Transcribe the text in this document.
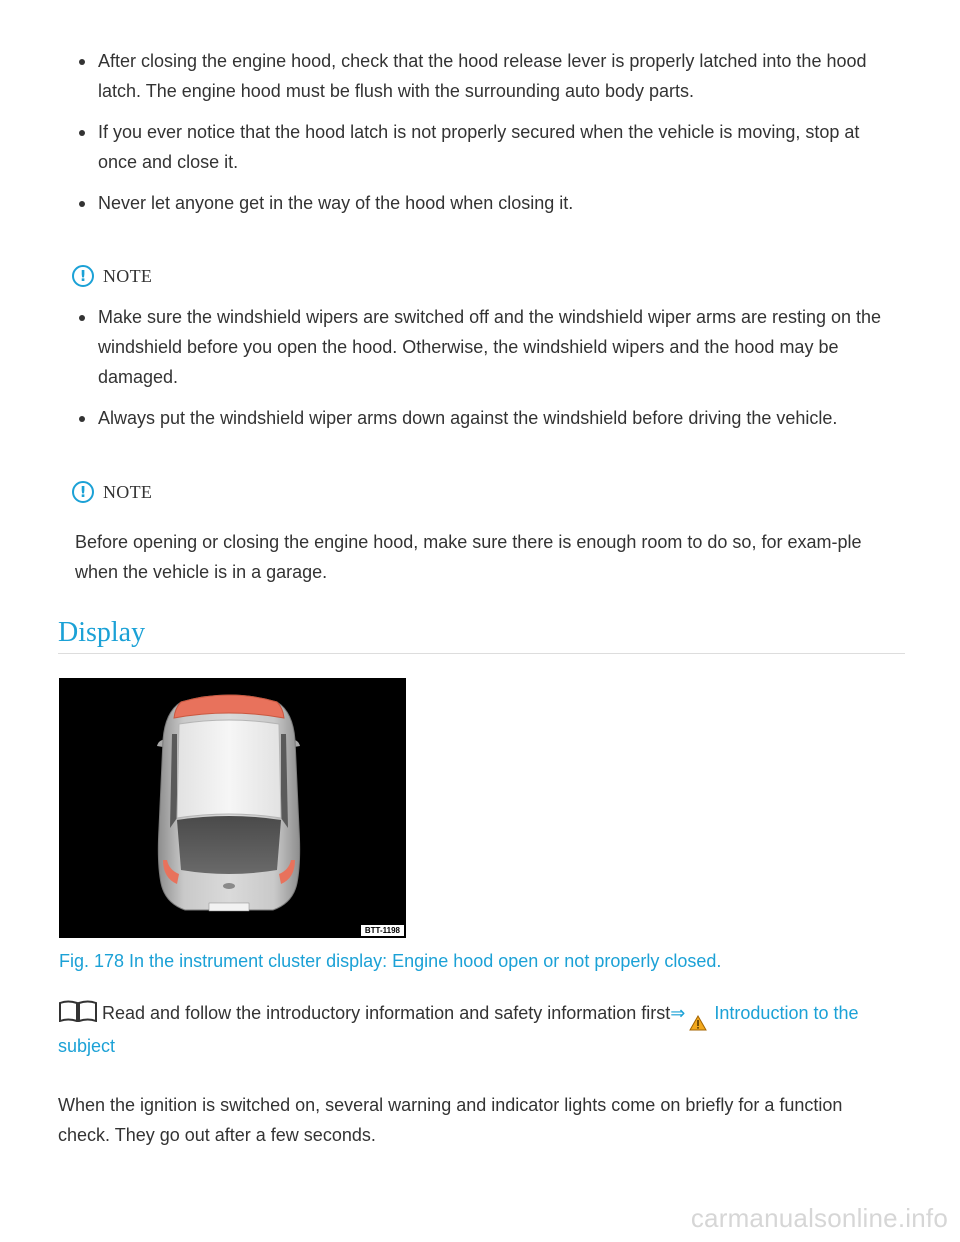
After closing the engine hood, check that the hood release lever is properly latched into the hood latch. The engine hood must be flush with the surrounding auto body parts.
If you ever notice that the hood latch is not properly secured when the vehicle is moving, stop at once and close it.
Never let anyone get in the way of the hood when closing it.
! NOTE
Make sure the windshield wipers are switched off and the windshield wiper arms are resting on the windshield before you open the hood. Otherwise, the windshield wipers and the hood may be damaged.
Always put the windshield wiper arms down against the windshield before driving the vehicle.
! NOTE

Before opening or closing the engine hood, make sure there is enough room to do so, for exam-ple when the vehicle is in a garage.

Display
BTT-1198

Fig. 178 In the instrument cluster display: Engine hood open or not properly closed.

Read and follow the introductory information and safety information first⇒ Introduction to the subject

When the ignition is switched on, several warning and indicator lights come on briefly for a function check. They go out after a few seconds.

carmanualsonline.info
